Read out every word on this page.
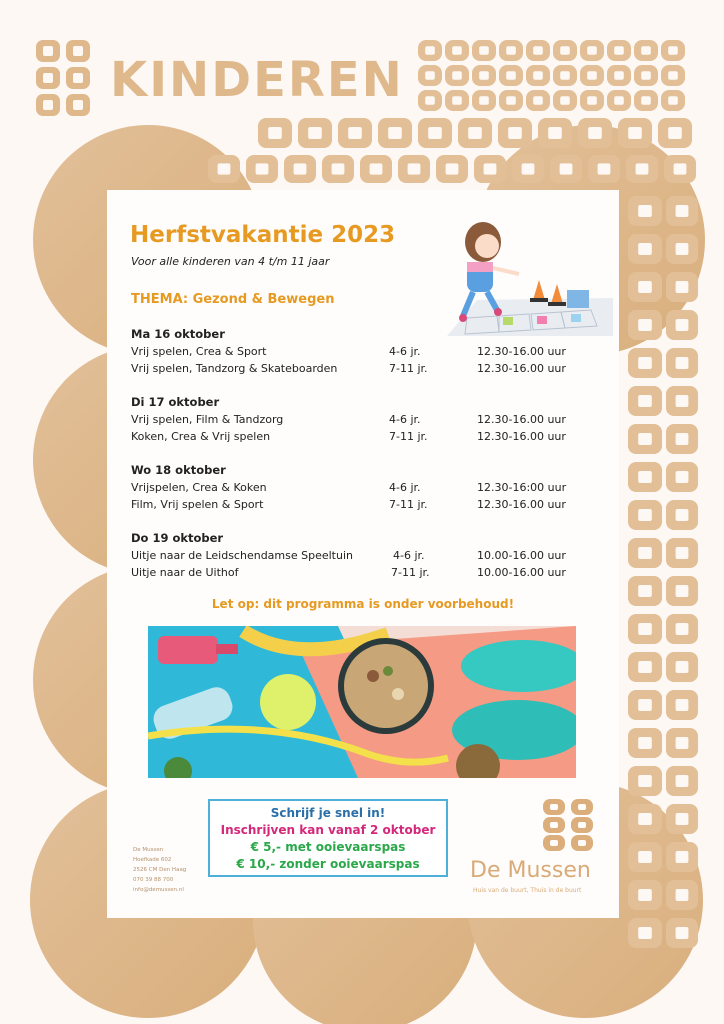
KINDEREN
Herfstvakantie 2023
Voor alle kinderen van 4 t/m 11 jaar
THEMA: Gezond & Bewegen
Ma 16 oktober
Vrij spelen, Crea & Sport	4-6 jr.	12.30-16.00 uur
Vrij spelen, Tandzorg & Skateboarden	7-11 jr.	12.30-16.00 uur
Di 17 oktober
Vrij spelen, Film & Tandzorg	4-6 jr.	12.30-16.00 uur
Koken, Crea & Vrij spelen	7-11 jr.	12.30-16.00 uur
Wo 18 oktober
Vrijspelen, Crea & Koken	4-6 jr.	12.30-16:00 uur
Film, Vrij spelen & Sport	7-11 jr.	12.30-16.00 uur
Do 19 oktober
Uitje naar de Leidschendamse Speeltuin	4-6 jr.	10.00-16.00 uur
Uitje naar de Uithof	7-11 jr.	10.00-16.00 uur
Let op: dit programma is onder voorbehoud!
Schrijf je snel in!
Inschrijven kan vanaf 2 oktober
€ 5,- met ooievaarspas
€ 10,- zonder ooievaarspas
De Mussen
Hoefkade 602
2526 CM Den Haag
070 39 88 700
info@demussen.nl
De Mussen
Huis van de buurt, Thuis in de buurt
